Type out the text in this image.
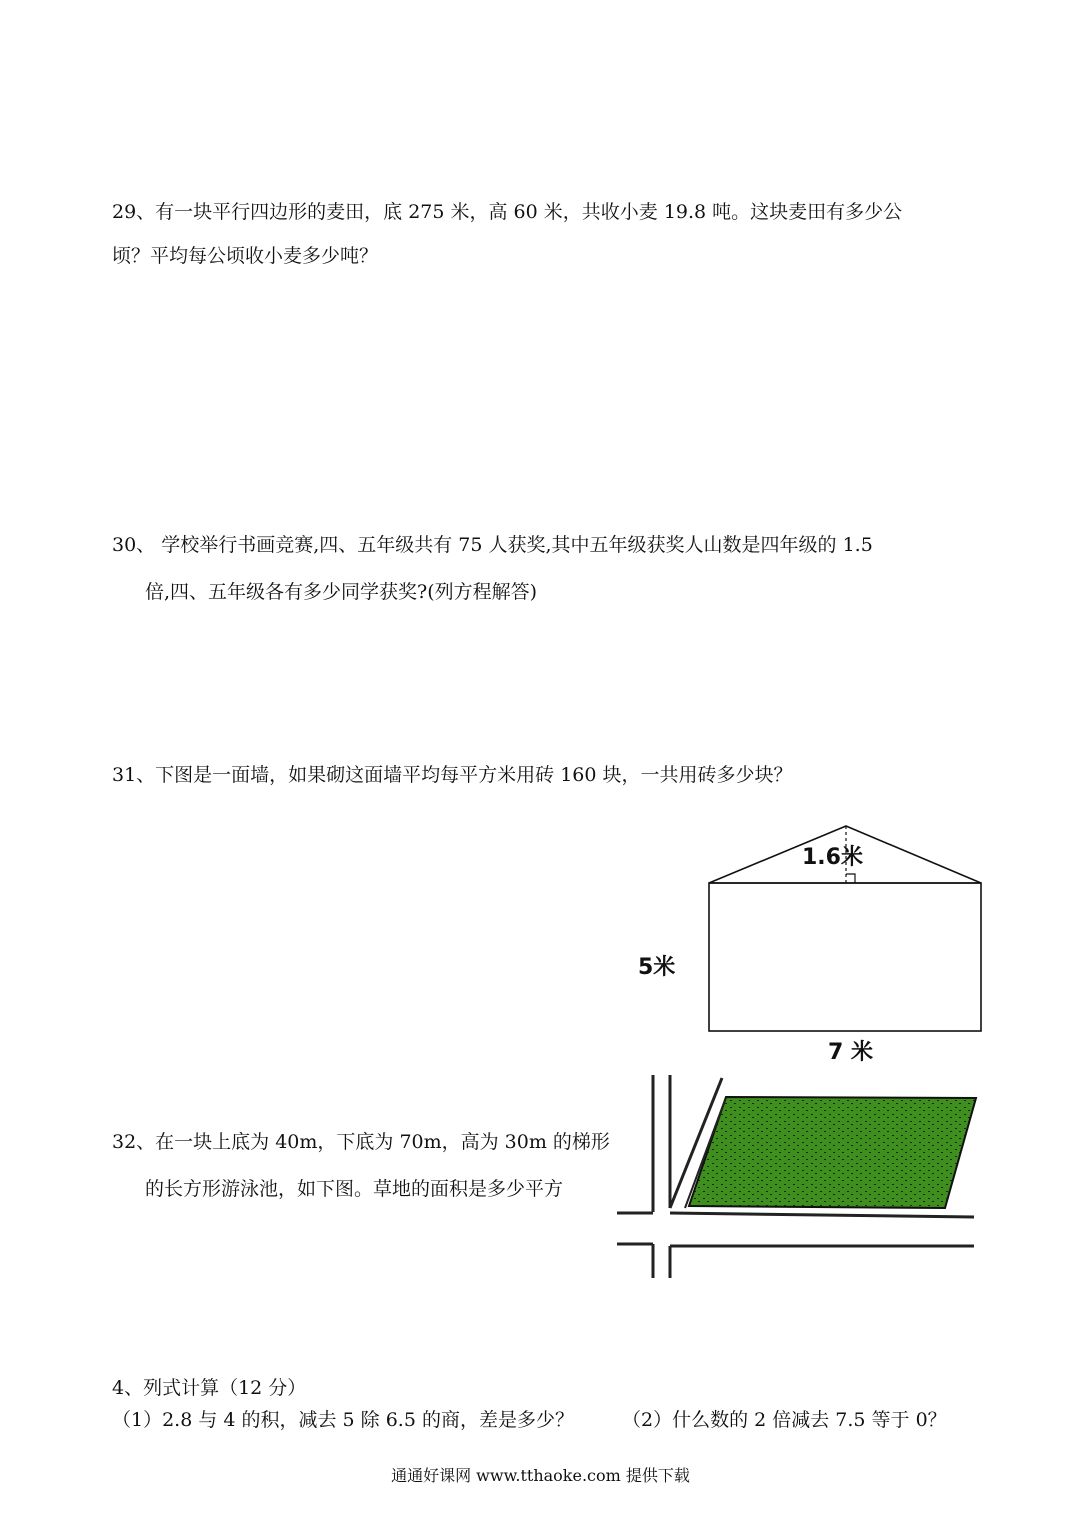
29、有一块平行四边形的麦田，底 275 米，高 60 米，共收小麦 19.8 吨。这块麦田有多少公

顷？平均每公顷收小麦多少吨？

30、 学校举行书画竞赛,四、五年级共有 75 人获奖,其中五年级获奖人山数是四年级的 1.5

倍,四、五年级各有多少同学获奖?(列方程解答)

31、下图是一面墙，如果砌这面墙平均每平方米用砖 160 块，一共用砖多少块？

1.6米
5米
7 米

32、在一块上底为 40m，下底为 70m，高为 30m 的梯形

的长方形游泳池，如下图。草地的面积是多少平方

4、列式计算（12 分）

（1）2.8 与 4 的积，减去 5 除 6.5 的商，差是多少？	（2）什么数的 2 倍减去 7.5 等于 0？

通通好课网 www.tthaoke.com 提供下载
